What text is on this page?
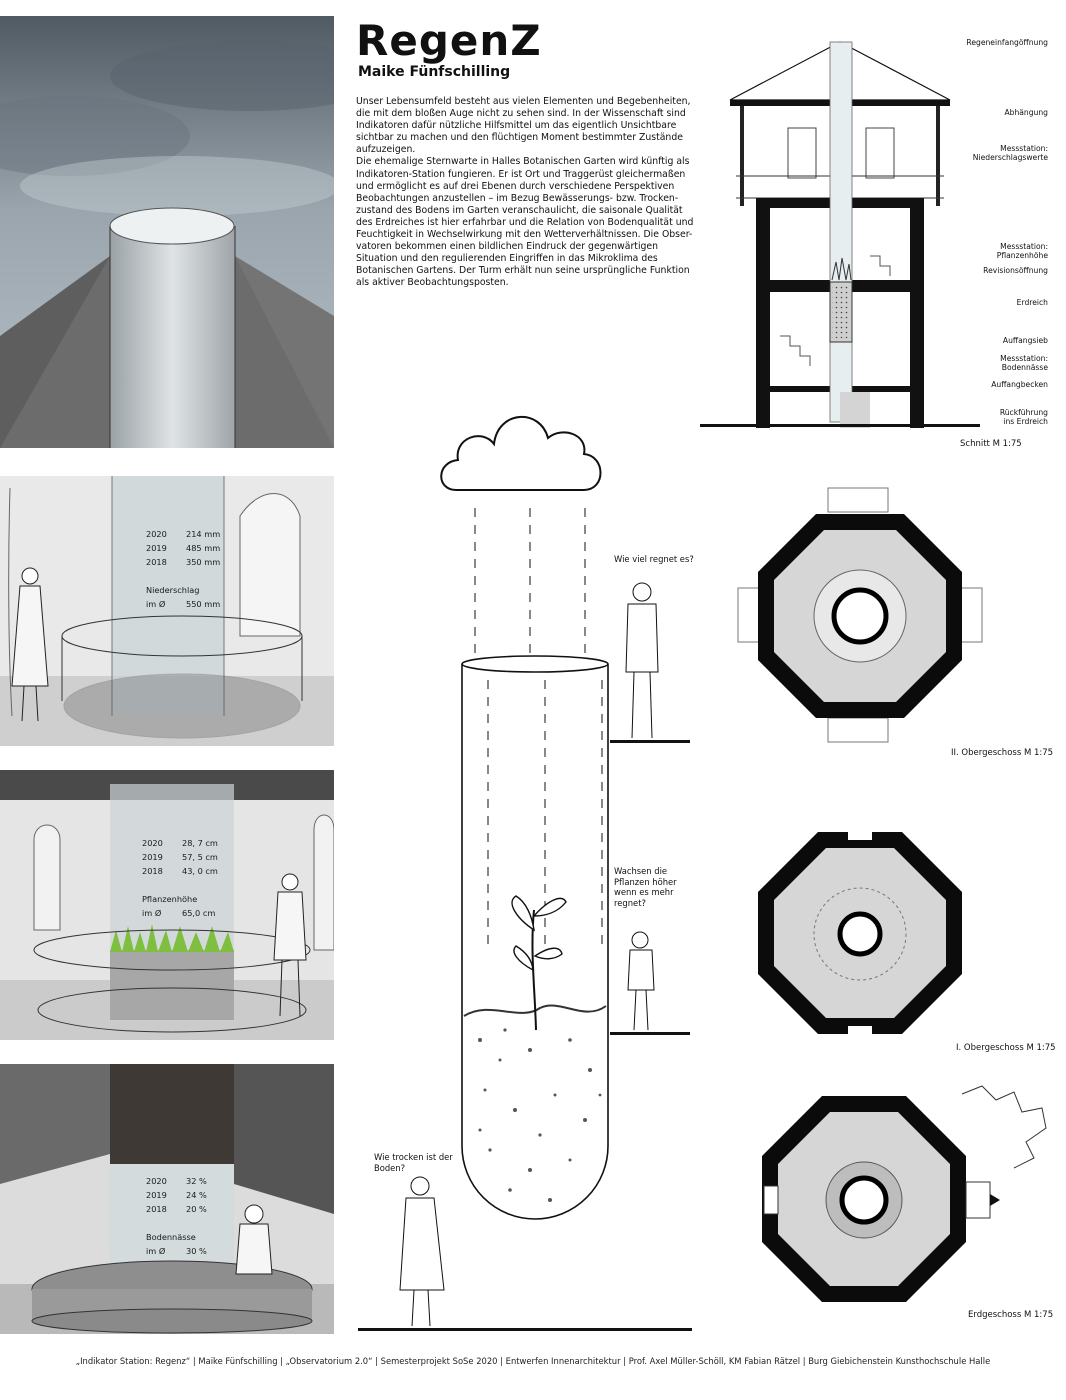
RegenZ
Maike Fünfschilling

Unser Lebensumfeld besteht aus vielen Elementen und Begebenheiten, die mit dem bloßen Auge nicht zu sehen sind. In der Wissenschaft sind Indikatoren dafür nützliche Hilfsmittel um das eigentlich Unsichtbare sichtbar zu machen und den flüchtigen Moment bestimmter Zustände aufzuzeigen.
Die ehemalige Sternwarte in Halles Botanischen Garten wird künftig als Indikatoren-Station fungieren. Er ist Ort und Traggerüst gleichermaßen und ermöglicht es auf drei Ebenen durch verschiedene Perspektiven Beobachtungen anzustellen – im Bezug Bewässerungs- bzw. Trocken-zustand des Bodens im Garten veranschaulicht, die saisonale Qualität des Erdreiches ist hier erfahrbar und die Relation von Bodenqualität und Feuchtigkeit in Wechselwirkung mit den Wetterverhältnissen. Die Obser-vatoren bekommen einen bildlichen Eindruck der gegenwärtigen Situation und den regulierenden Eingriffen in das Mikroklima des Botanischen Gartens. Der Turm erhält nun seine ursprüngliche Funktion als aktiver Beobachtungsposten.

Regeneinfangöffnung
Abhängung
Messstation:
Niederschlagswerte
Messstation:
Pflanzenhöhe
Revisionsöffnung
Erdreich
Auffangsieb
Messstation:
Bodennässe
Auffangbecken
Rückführung
ins Erdreich
Schnitt M 1:75
2020 214 mm
2019 485 mm
2018 350 mm
Niederschlag
im Ø	550 mm
2020 28, 7 cm
2019 57, 5 cm
2018 43, 0 cm
Pflanzenhöhe
im Ø	65,0 cm
2020 32 %
2019 24 %
2018 20 %
Bodennässe
im Ø	30 %
Wie viel regnet es?
Wachsen die
Pflanzen höher
wenn es mehr
regnet?
Wie trocken ist der
Boden?
II. Obergeschoss M 1:75
I. Obergeschoss M 1:75
Erdgeschoss M 1:75
„Indikator Station: Regenz“ | Maike Fünfschilling | „Observatorium 2.0“ | Semesterprojekt SoSe 2020 | Entwerfen Innenarchitektur | Prof. Axel Müller-Schöll, KM Fabian Rätzel | Burg Giebichenstein Kunsthochschule Halle
